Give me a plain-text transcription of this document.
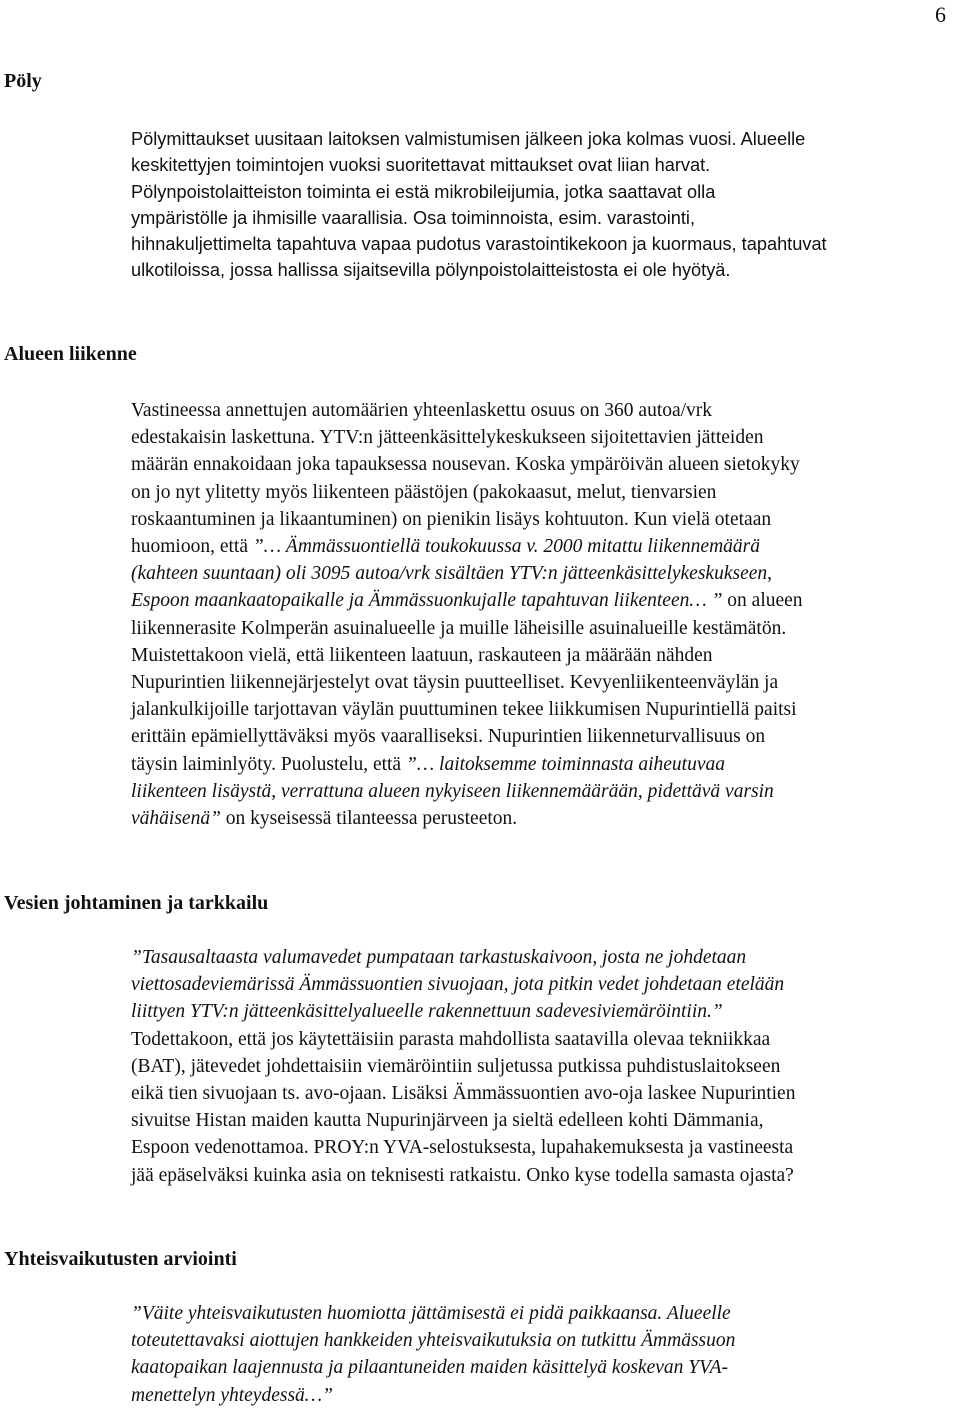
6
Pöly
Pölymittaukset uusitaan laitoksen valmistumisen jälkeen joka kolmas vuosi. Alueelle
keskitettyjen toimintojen vuoksi suoritettavat mittaukset ovat liian harvat.
Pölynpoistolaitteiston toiminta ei estä mikrobileijumia, jotka saattavat olla
ympäristölle ja ihmisille vaarallisia. Osa toiminnoista, esim. varastointi,
hihnakuljettimelta tapahtuva vapaa pudotus varastointikekoon ja kuormaus, tapahtuvat
ulkotiloissa, jossa hallissa sijaitsevilla pölynpoistolaitteistosta ei ole hyötyä.
Alueen liikenne
Vastineessa annettujen automäärien yhteenlaskettu osuus on 360 autoa/vrk
edestakaisin laskettuna. YTV:n jätteenkäsittelykeskukseen sijoitettavien jätteiden
määrän ennakoidaan joka tapauksessa nousevan. Koska ympäröivän alueen sietokyky
on jo nyt ylitetty myös liikenteen päästöjen (pakokaasut, melut, tienvarsien
roskaantuminen ja likaantuminen) on pienikin lisäys kohtuuton. Kun vielä otetaan
huomioon, että ”… Ämmässuontiellä toukokuussa v. 2000 mitattu liikennemäärä
(kahteen suuntaan) oli 3095 autoa/vrk sisältäen YTV:n jätteenkäsittelykeskukseen,
Espoon maankaatopaikalle ja Ämmässuonkujalle tapahtuvan liikenteen… ” on alueen
liikennerasite Kolmperän asuinalueelle ja muille läheisille asuinalueille kestämätön.
Muistettakoon vielä, että liikenteen laatuun, raskauteen ja määrään nähden
Nupurintien liikennejärjestelyt ovat täysin puutteelliset. Kevyenliikenteenväylän ja
jalankulkijoille tarjottavan väylän puuttuminen tekee liikkumisen Nupurintiellä paitsi
erittäin epämiellyttäväksi myös vaaralliseksi. Nupurintien liikenneturvallisuus on
täysin laiminlyöty. Puolustelu, että ”… laitoksemme toiminnasta aiheutuvaa
liikenteen lisäystä, verrattuna alueen nykyiseen liikennemäärään, pidettävä varsin
vähäisenä” on kyseisessä tilanteessa perusteeton.
Vesien johtaminen ja tarkkailu
”Tasausaltaasta valumavedet pumpataan tarkastuskaivoon, josta ne johdetaan
viettosadeviemärissä Ämmässuontien sivuojaan, jota pitkin vedet johdetaan etelään
liittyen YTV:n jätteenkäsittelyalueelle rakennettuun sadevesiviemäröintiin.”
Todettakoon, että jos käytettäisiin parasta mahdollista saatavilla olevaa tekniikkaa
(BAT), jätevedet johdettaisiin viemäröintiin suljetussa putkissa puhdistuslaitokseen
eikä tien sivuojaan ts. avo-ojaan. Lisäksi Ämmässuontien avo-oja laskee Nupurintien
sivuitse Histan maiden kautta Nupurinjärveen ja sieltä edelleen kohti Dämmania,
Espoon vedenottamoa. PROY:n YVA-selostuksesta, lupahakemuksesta ja vastineesta
jää epäselväksi kuinka asia on teknisesti ratkaistu. Onko kyse todella samasta ojasta?
Yhteisvaikutusten arviointi
”Väite yhteisvaikutusten huomiotta jättämisestä ei pidä paikkaansa. Alueelle
toteutettavaksi aiottujen hankkeiden yhteisvaikutuksia on tutkittu Ämmässuon
kaatopaikan laajennusta ja pilaantuneiden maiden käsittelyä koskevan YVA-
menettelyn yhteydessä…”
